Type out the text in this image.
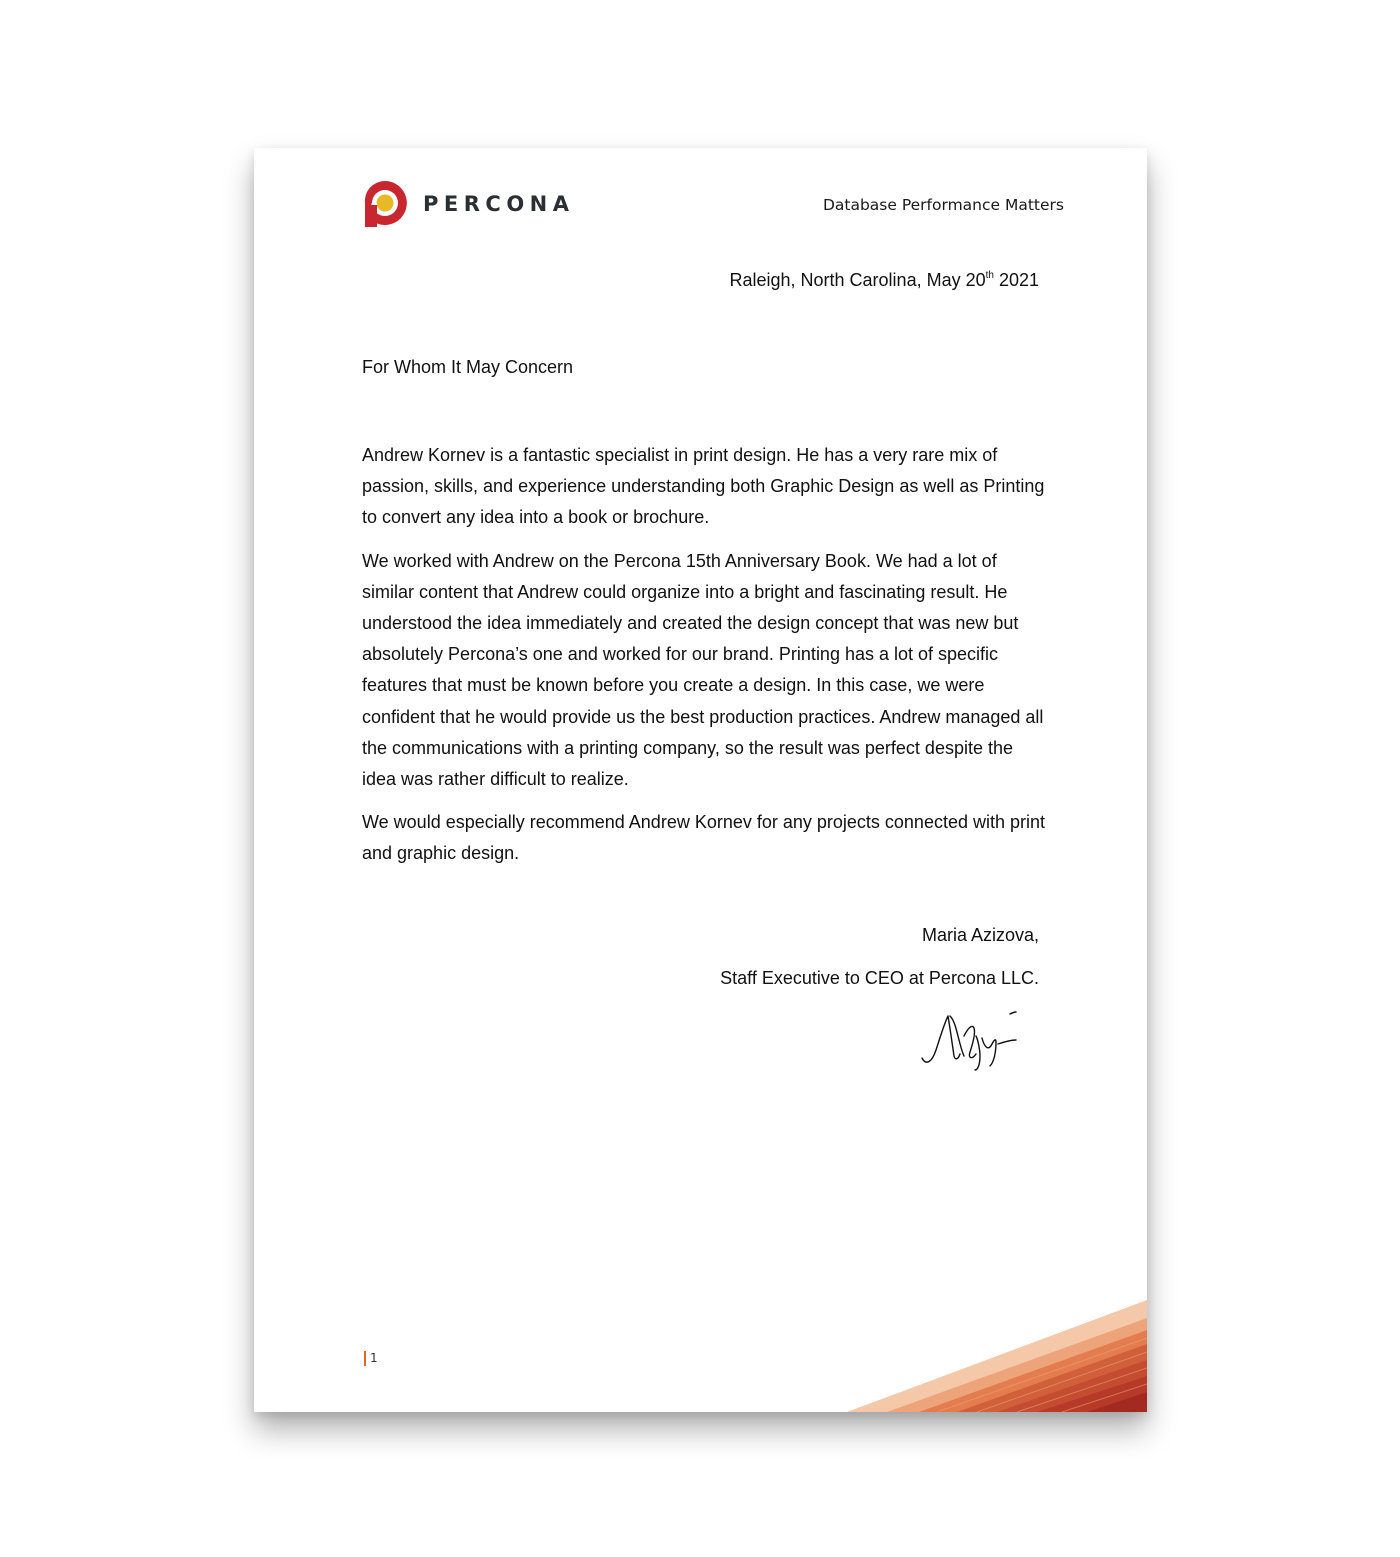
PERCONA	Database Performance Matters
Raleigh, North Carolina, May 20th 2021
For Whom It May Concern

Andrew Kornev is a fantastic specialist in print design. He has a very rare mix of passion, skills, and experience understanding both Graphic Design as well as Printing to convert any idea into a book or brochure.

We worked with Andrew on the Percona 15th Anniversary Book. We had a lot of similar content that Andrew could organize into a bright and fascinating result. He understood the idea immediately and created the design concept that was new but absolutely Percona’s one and worked for our brand. Printing has a lot of specific features that must be known before you create a design. In this case, we were confident that he would provide us the best production practices. Andrew managed all the communications with a printing company, so the result was perfect despite the idea was rather difficult to realize.

We would especially recommend Andrew Kornev for any projects connected with print and graphic design.

Maria Azizova,
Staff Executive to CEO at Percona LLC.
1
